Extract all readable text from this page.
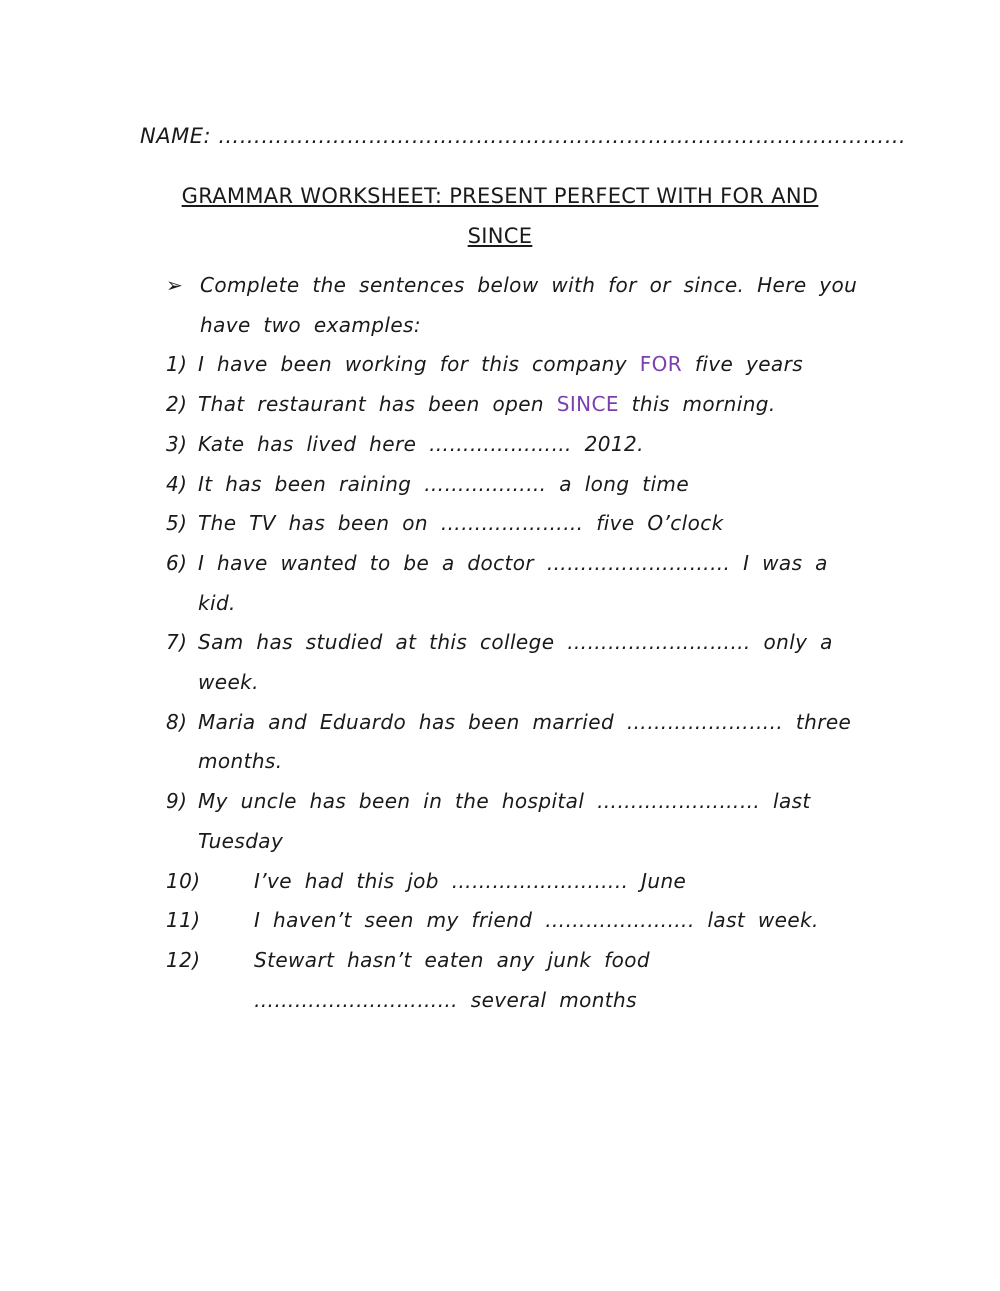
NAME: ……………………………………………………………………………………
GRAMMAR WORKSHEET: PRESENT PERFECT WITH FOR AND
SINCE
➢ Complete the sentences below with for or since. Here you have two examples:
1) I have been working for this company FOR five years
2) That restaurant has been open SINCE this morning.
3) Kate has lived here ………………… 2012.
4) It has been raining ……………… a long time
5) The TV has been on ………………… five O’clock
6) I have wanted to be a doctor ……………………… I was a kid.
7) Sam has studied at this college ……………………… only a week.
8) Maria and Eduardo has been married ………………….. three months.
9) My uncle has been in the hospital …………………… last Tuesday
10)	I’ve had this job …………………….. June
11)	I haven’t seen my friend …………………. last week.
12)	Stewart hasn’t eaten any junk food ………………………… several months
